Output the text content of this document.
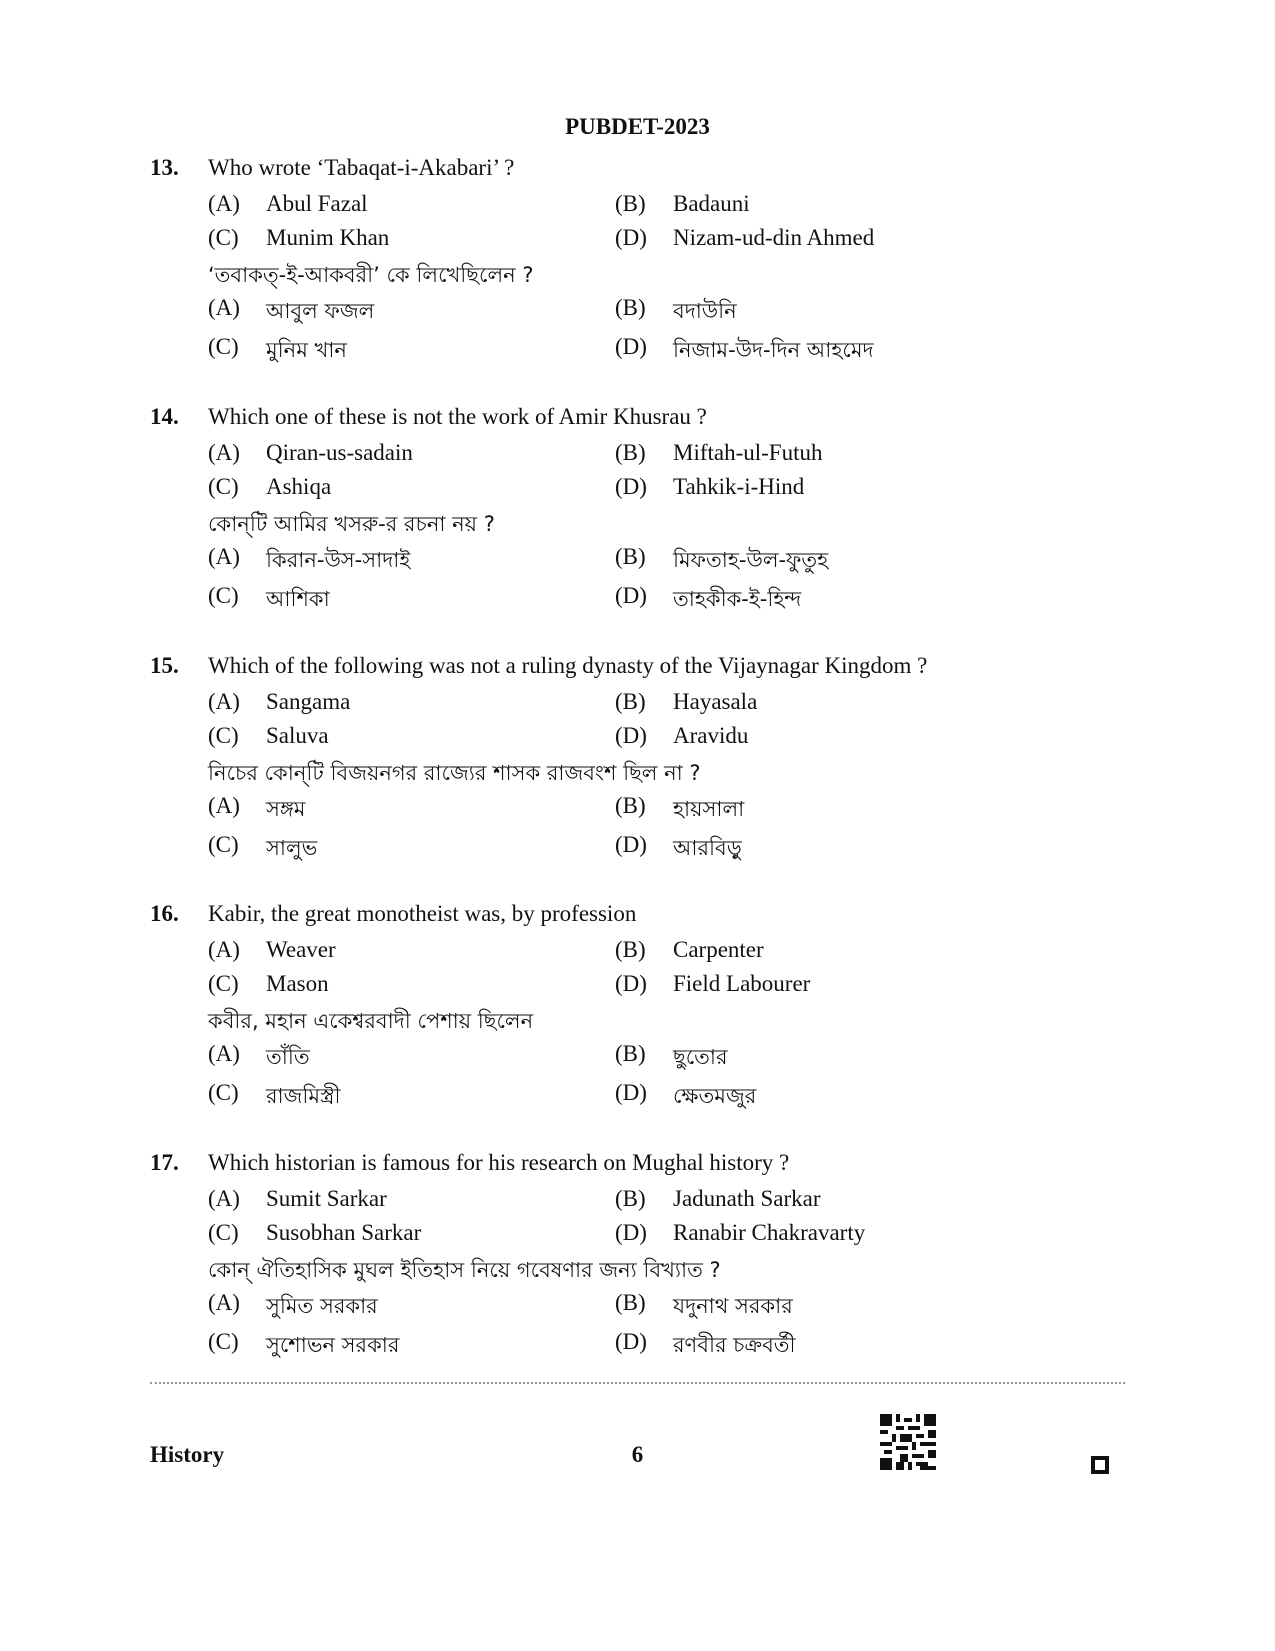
PUBDET-2023
13. Who wrote ‘Tabaqat-i-Akabari’ ?
(A) Abul Fazal	(B) Badauni
(C) Munim Khan	(D) Nizam-ud-din Ahmed
‘তবাকত্-ই-আকবরী’ কে লিখেছিলেন ?
(A) আবুল ফজল	(B) বদাউনি
(C) মুনিম খান	(D) নিজাম-উদ-দিন আহমেদ
14. Which one of these is not the work of Amir Khusrau ?
(A) Qiran-us-sadain	(B) Miftah-ul-Futuh
(C) Ashiqa	(D) Tahkik-i-Hind
কোন্‌টি আমির খসরু-র রচনা নয় ?
(A) কিরান-উস-সাদাই	(B) মিফতাহ-উল-ফুতুহ
(C) আশিকা	(D) তাহকীক-ই-হিন্দ
15. Which of the following was not a ruling dynasty of the Vijaynagar Kingdom ?
(A) Sangama	(B) Hayasala
(C) Saluva	(D) Aravidu
নিচের কোন্‌টি বিজয়নগর রাজ্যের শাসক রাজবংশ ছিল না ?
(A) সঙ্গম	(B) হায়সালা
(C) সালুভ	(D) আরবিড়ু
16. Kabir, the great monotheist was, by profession
(A) Weaver	(B) Carpenter
(C) Mason	(D) Field Labourer
কবীর, মহান একেশ্বরবাদী পেশায় ছিলেন
(A) তাঁতি	(B) ছুতোর
(C) রাজমিস্ত্রী	(D) ক্ষেতমজুর
17. Which historian is famous for his research on Mughal history ?
(A) Sumit Sarkar	(B) Jadunath Sarkar
(C) Susobhan Sarkar	(D) Ranabir Chakravarty
কোন্‌ ঐতিহাসিক মুঘল ইতিহাস নিয়ে গবেষণার জন্য বিখ্যাত ?
(A) সুমিত সরকার	(B) যদুনাথ সরকার
(C) সুশোভন সরকার	(D) রণবীর চক্রবর্তী
History	6
